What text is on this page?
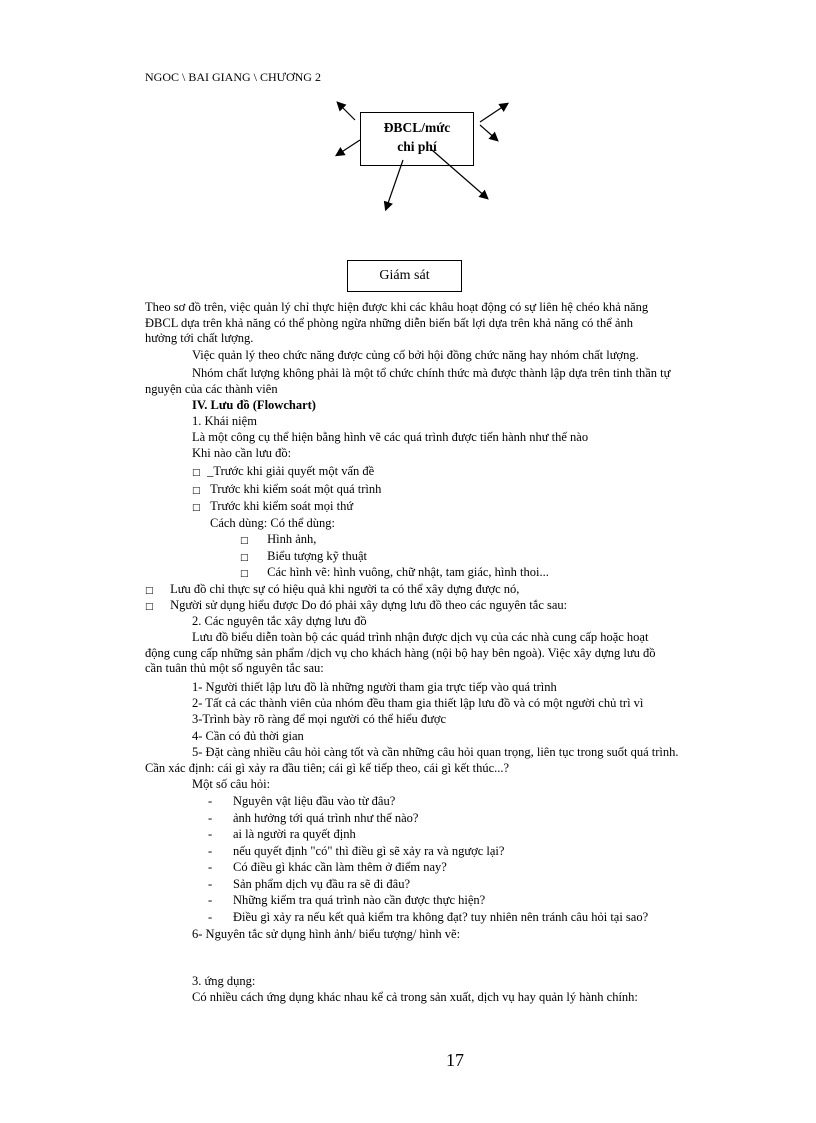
NGOC \ BAI GIANG \ CHƯƠNG 2
ĐBCL/mức
chi phí
Giám sát
Theo sơ đồ trên, việc quản lý chỉ thực hiện được khi các khâu hoạt động có sự liên hệ chéo khả năng
ĐBCL dựa trên khả năng có thể phòng ngừa những diễn biến bất lợi dựa trên khả năng có thể ảnh
hưởng tới chất lượng.
Việc quản lý theo chức năng được củng cố bởi hội đồng chức năng hay nhóm chất lượng.
Nhóm chất lượng không phải là một tổ chức chính thức mà được thành lập dựa trên tinh thần tự
nguyện của các thành viên
IV. Lưu đồ (Flowchart)
1. Khái niệm
Là một công cụ thể hiện bằng hình vẽ các quá trình được tiến hành như thế nào
Khi nào cần lưu đồ:
□ _Trước khi giải quyết một vấn đề
□ Trước khi kiểm soát một quá trình
□ Trước khi kiểm soát mọi thứ
Cách dùng: Có thể dùng:
□ Hình ảnh,
□ Biểu tượng kỹ thuật
□ Các hình vẽ: hình vuông, chữ nhật, tam giác, hình thoi...
□ Lưu đồ chỉ thực sự có hiệu quả khi người ta có thể xây dựng được nó,
□ Người sử dụng hiểu được Do đó phải xây dựng lưu đồ theo các nguyên tắc sau:
2. Các nguyên tắc xây dựng lưu đồ
Lưu đồ biểu diễn toàn bộ các quád trình nhận được dịch vụ của các nhà cung cấp hoặc hoạt
động cung cấp những sản phẩm /dịch vụ cho khách hàng (nội bộ hay bên ngoà). Việc xây dựng lưu đồ
cần tuân thủ một số nguyên tắc sau:
1- Người thiết lập lưu đồ là những người tham gia trực tiếp vào quá trình
2- Tất cả các thành viên của nhóm đều tham gia thiết lập lưu đồ và có một người chủ trì vì
3-Trình bày rõ ràng để mọi người có thể hiểu được
4- Cần có đủ thời gian
5- Đặt càng nhiều câu hỏi càng tốt và cần những câu hỏi quan trọng, liên tục trong suốt quá trình.
Cần xác định: cái gì xảy ra đầu tiên; cái gì kế tiếp theo, cái gì kết thúc...?
Một số câu hỏi:
- Nguyên vật liệu đầu vào từ đâu?
- ảnh hưởng tới quá trình như thế nào?
- ai là người ra quyết định
- nếu quyết định "có" thì điều gì sẽ xảy ra và ngược lại?
- Có điều gì khác cần làm thêm ở điểm nay?
- Sản phẩm dịch vụ đầu ra sẽ đi đâu?
- Những kiểm tra quá trình nào cần được thực hiện?
- Điều gì xảy ra nếu kết quả kiểm tra không đạt? tuy nhiên nên tránh câu hỏi tại sao?
6- Nguyên tắc sử dụng hình ảnh/ biểu tượng/ hình vẽ:
3. ứng dụng:
Có nhiều cách ứng dụng khác nhau kể cả trong sản xuất, dịch vụ hay quản lý hành chính:
17
